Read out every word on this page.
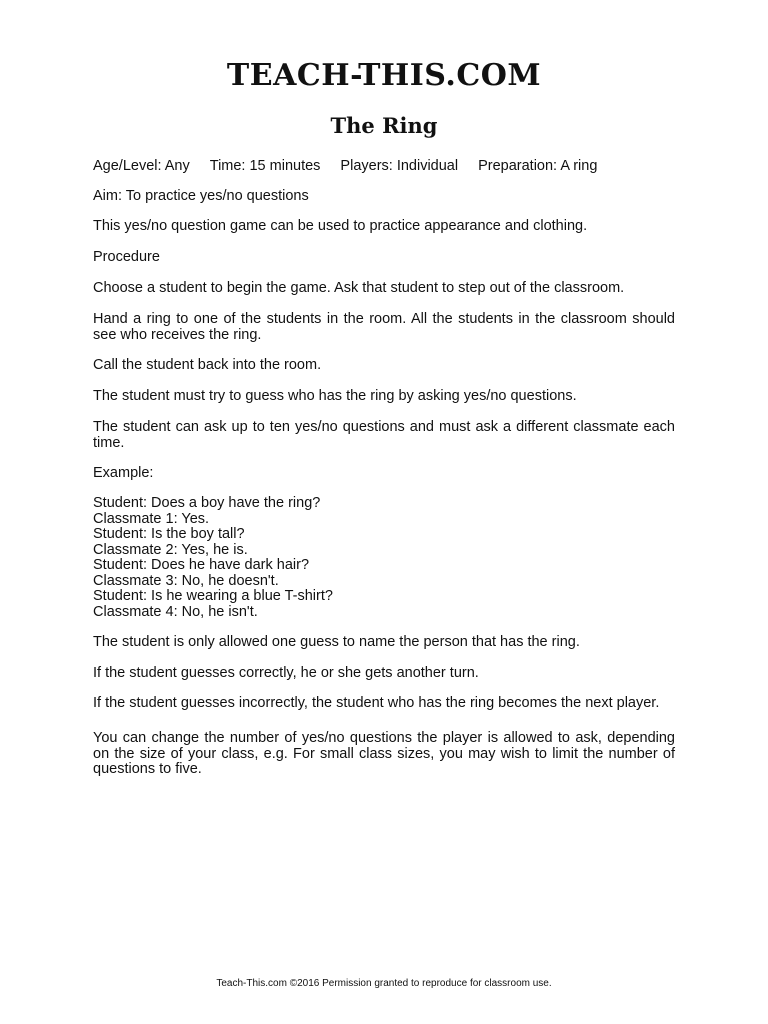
TEACH-THIS.COM
The Ring
Age/Level: Any Time: 15 minutes Players: Individual Preparation: A ring
Aim: To practice yes/no questions
This yes/no question game can be used to practice appearance and clothing.
Procedure
Choose a student to begin the game. Ask that student to step out of the classroom.
Hand a ring to one of the students in the room. All the students in the classroom should see who receives the ring.
Call the student back into the room.
The student must try to guess who has the ring by asking yes/no questions.
The student can ask up to ten yes/no questions and must ask a different classmate each time.
Example:
Student: Does a boy have the ring?
Classmate 1: Yes.
Student: Is the boy tall?
Classmate 2: Yes, he is.
Student: Does he have dark hair?
Classmate 3: No, he doesn't.
Student: Is he wearing a blue T-shirt?
Classmate 4: No, he isn't.
The student is only allowed one guess to name the person that has the ring.
If the student guesses correctly, he or she gets another turn.
If the student guesses incorrectly, the student who has the ring becomes the next player.
You can change the number of yes/no questions the player is allowed to ask, depending on the size of your class, e.g. For small class sizes, you may wish to limit the number of questions to five.
Teach-This.com ©2016 Permission granted to reproduce for classroom use.
